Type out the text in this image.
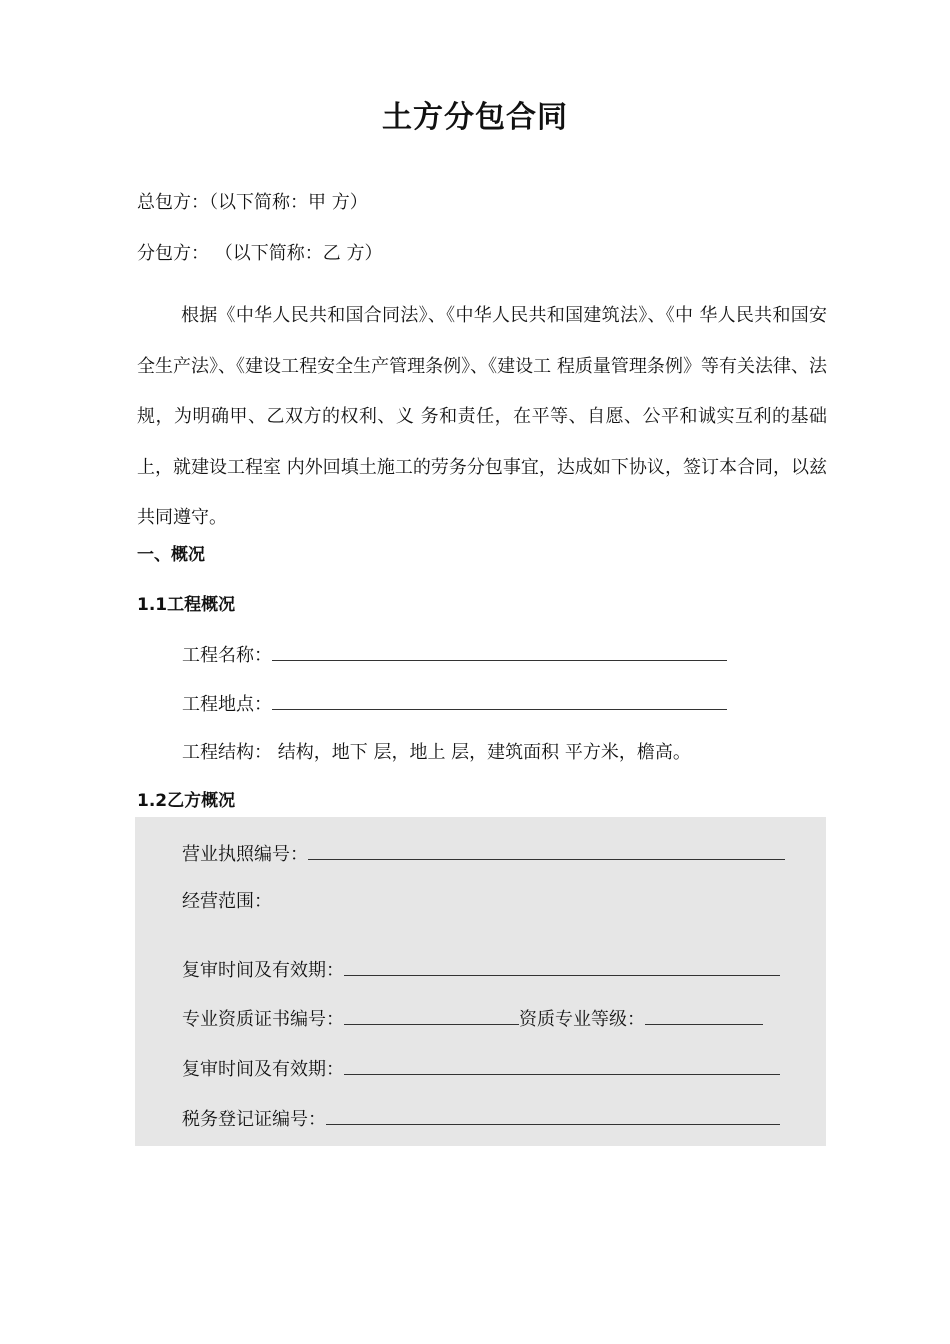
土方分包合同
总包方：（以下简称：甲 方）
分包方： （以下简称：乙 方）

根据《中华人民共和国合同法》、《中华人民共和国建筑法》、《中 华人民共和国安全生产法》、《建设工程安全生产管理条例》、《建设工 程质量管理条例》等有关法律、法规，为明确甲、乙双方的权利、义 务和责任，在平等、自愿、公平和诚实互利的基础上，就建设工程室 内外回填土施工的劳务分包事宜，达成如下协议，签订本合同，以兹 共同遵守。

一、概况
1.1工程概况
工程名称：
工程地点：
工程结构： 结构，地下 层，地上 层，建筑面积 平方米，檐高。
1.2乙方概况
营业执照编号：
经营范围：
复审时间及有效期：
专业资质证书编号：	资质专业等级：
复审时间及有效期：
税务登记证编号：
